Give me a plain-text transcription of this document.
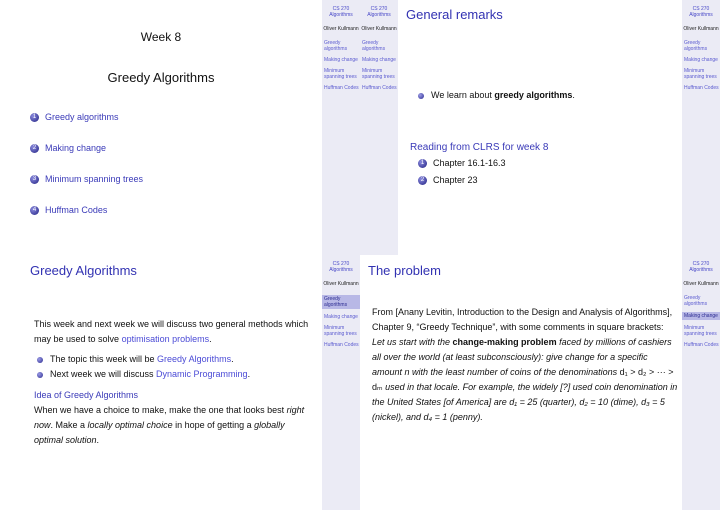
Week 8
Greedy Algorithms
1 Greedy algorithms
2 Making change
3 Minimum spanning trees
4 Huffman Codes
CS 270 Algorithms
Oliver Kullmann
Greedy algorithms
Making change
Minimum spanning trees
Huffman Codes
CS 270 Algorithms
Oliver Kullmann
Greedy algorithms
Making change
Minimum spanning trees
Huffman Codes
General remarks
We learn about greedy algorithms.
Reading from CLRS for week 8
1 Chapter 16.1-16.3
2 Chapter 23
CS 270 Algorithms
Oliver Kullmann
Greedy algorithms
Making change
Minimum spanning trees
Huffman Codes
Greedy Algorithms

This week and next week we will discuss two general methods which may be used to solve optimisation problems.

The topic this week will be Greedy Algorithms.
Next week we will discuss Dynamic Programming.
Idea of Greedy Algorithms

When we have a choice to make, make the one that looks best right now. Make a locally optimal choice in hope of getting a globally optimal solution.

CS 270 Algorithms
Oliver Kullmann
Greedy algorithms
Making change
Minimum spanning trees
Huffman Codes
The problem

From [Anany Levitin, Introduction to the Design and Analysis of Algorithms], Chapter 9, “Greedy Technique”, with some comments in square brackets:

Let us start with the change-making problem faced by millions of cashiers all over the world (at least subconsciously): give change for a specific amount n with the least number of coins of the denominations d₁ > d₂ > ··· > dₘ used in that locale. For example, the widely [?] used coin denomination in the United States [of America] are d₁ = 25 (quarter), d₂ = 10 (dime), d₃ = 5 (nickel), and d₄ = 1 (penny).

CS 270 Algorithms
Oliver Kullmann
Greedy algorithms
Making change
Minimum spanning trees
Huffman Codes
